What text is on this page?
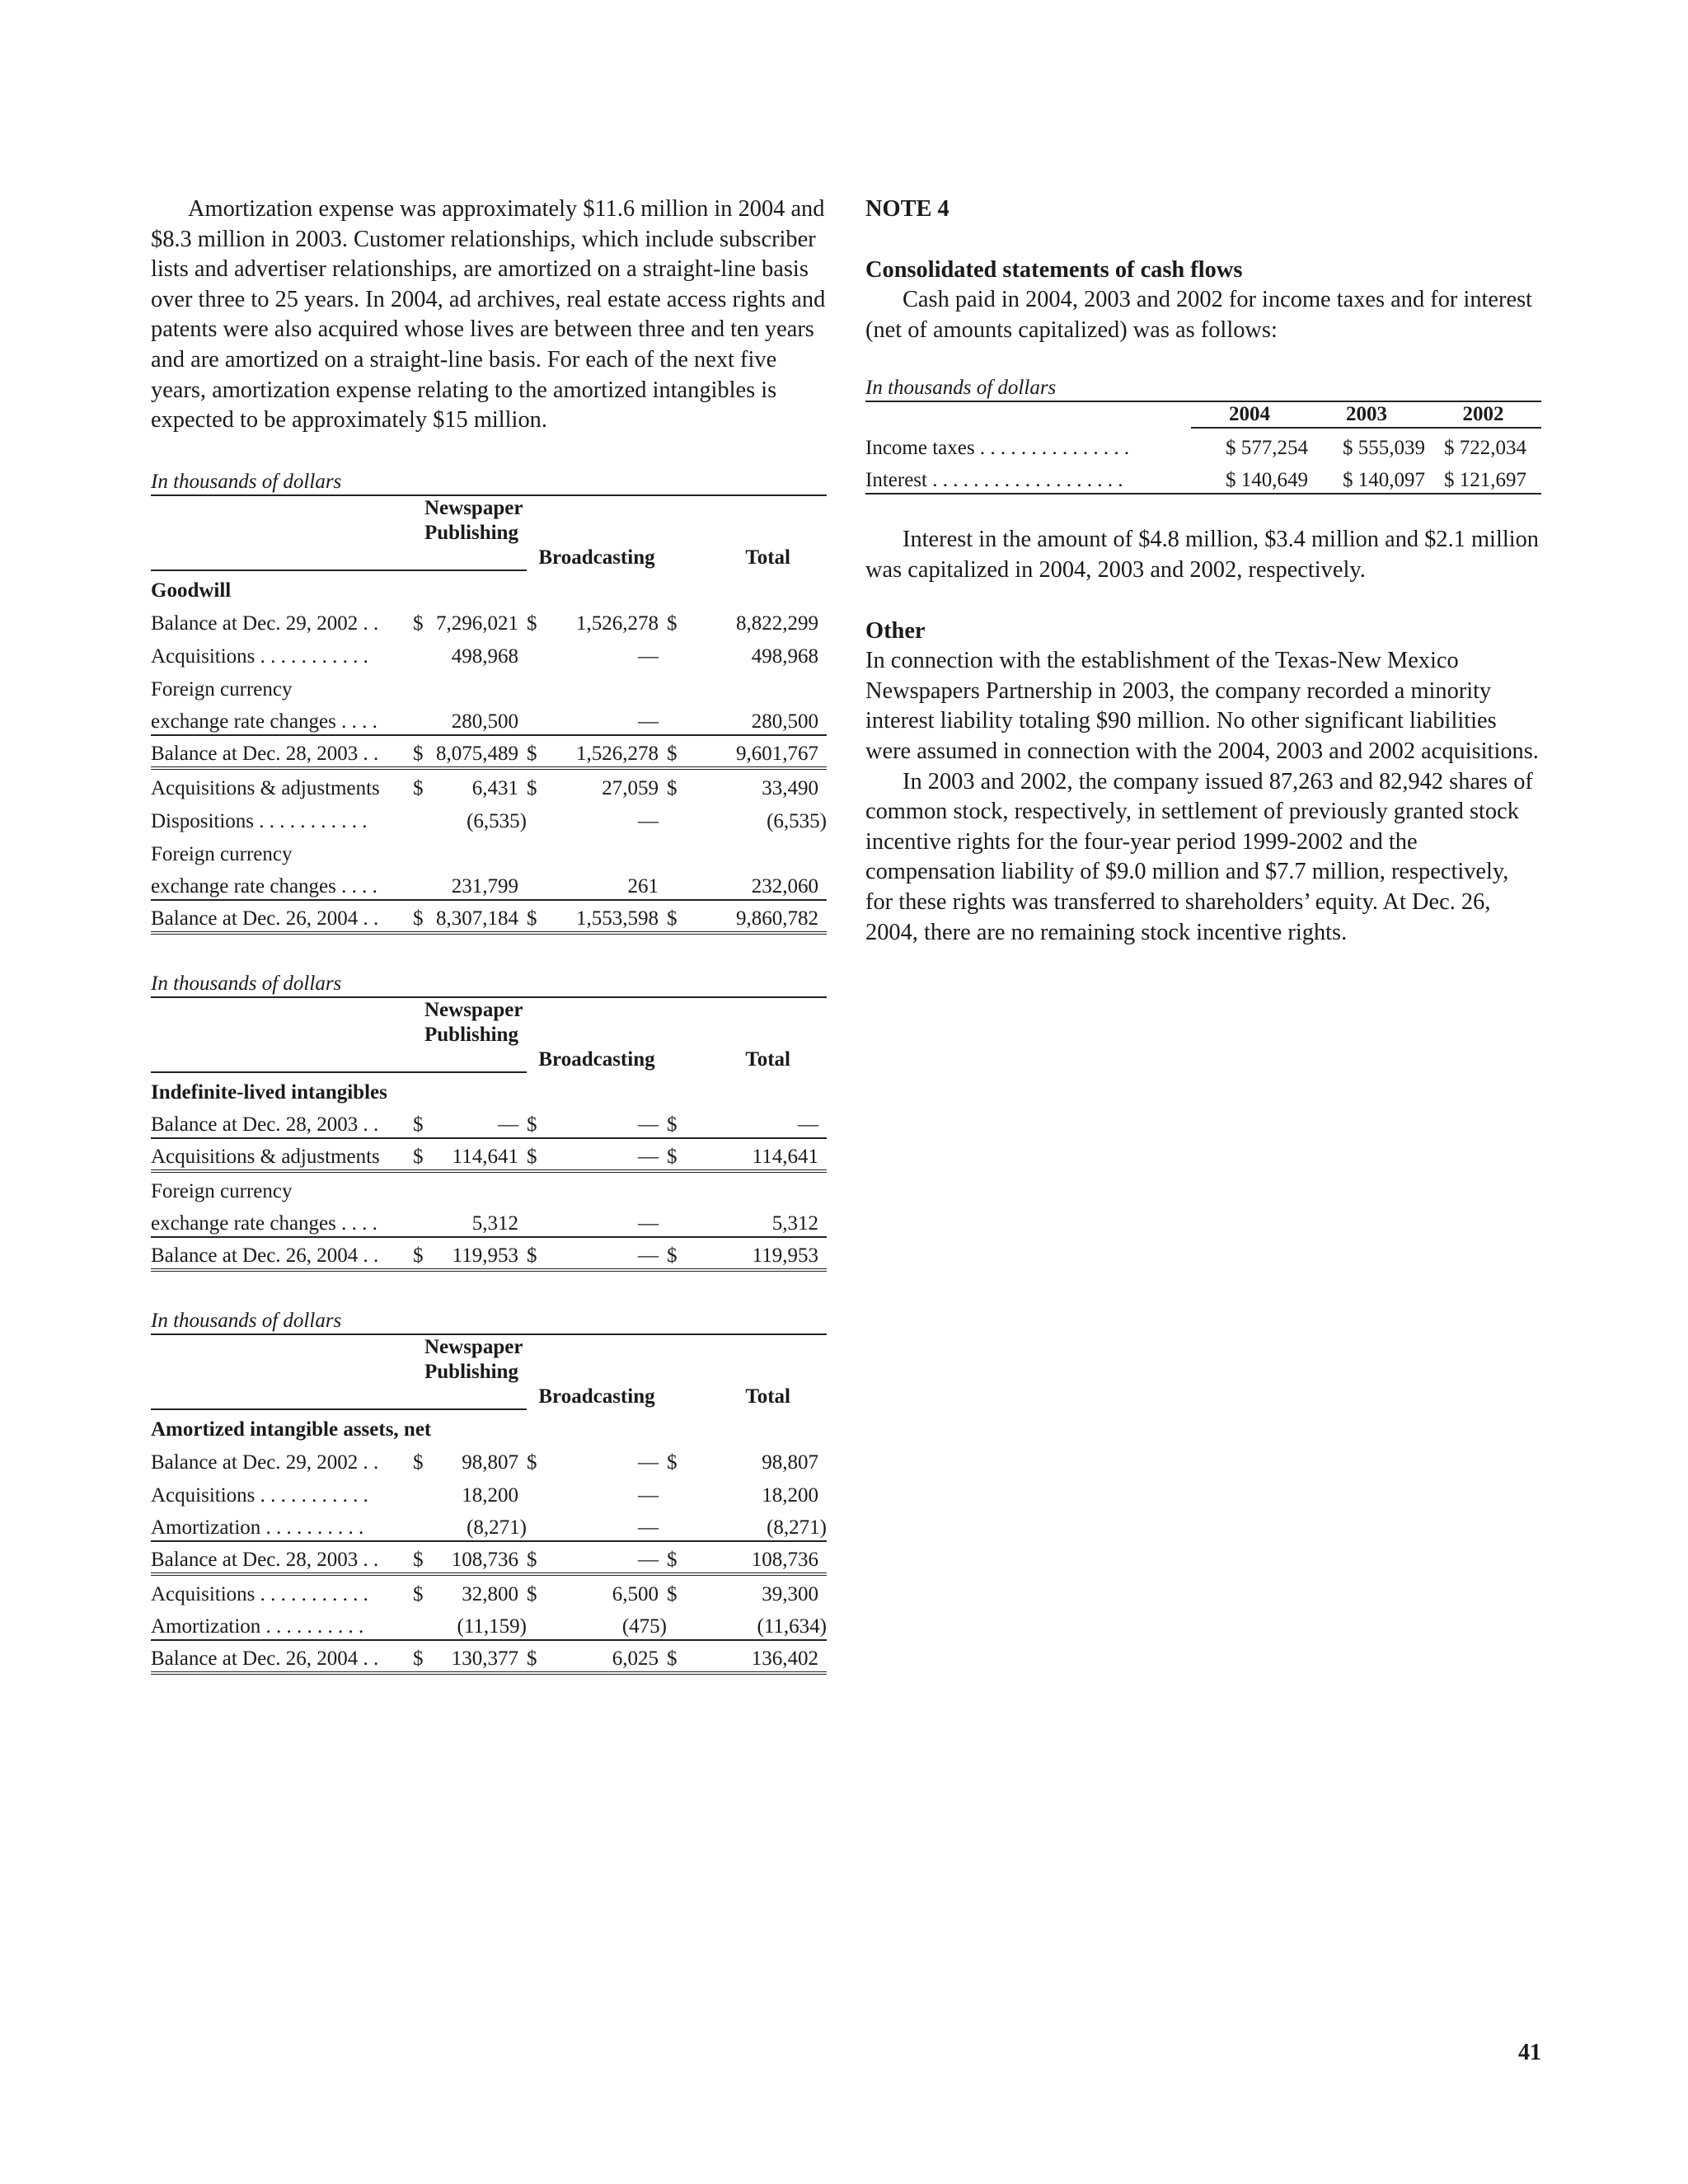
Amortization expense was approximately $11.6 million in 2004 and $8.3 million in 2003. Customer relationships, which include subscriber lists and advertiser relationships, are amortized on a straight-line basis over three to 25 years. In 2004, ad archives, real estate access rights and patents were also acquired whose lives are between three and ten years and are amortized on a straight-line basis. For each of the next five years, amortization expense relating to the amortized intangibles is expected to be approximately $15 million.

In thousands of dollars

	Newspaper Publishing					
			Broadcasting		Total	
Goodwill						
Balance at Dec. 29, 2002 . .	$	7,296,021	$	1,526,278	$	8,822,299
Acquisitions . . . . . . . . . . .		498,968		—		498,968
Foreign currency						
exchange rate changes . . . .		280,500		—		280,500
Balance at Dec. 28, 2003 . .	$	8,075,489	$	1,526,278	$	9,601,767
Acquisitions & adjustments	$	6,431	$	27,059	$	33,490
Dispositions . . . . . . . . . . .		(6,535)		—		(6,535)
Foreign currency						
exchange rate changes . . . .		231,799		261		232,060
Balance at Dec. 26, 2004 . .	$	8,307,184	$	1,553,598	$	9,860,782

In thousands of dollars

	Newspaper Publishing					
			Broadcasting		Total	
Indefinite-lived intangibles						
Balance at Dec. 28, 2003 . .	$	—	$	—	$	—
Acquisitions & adjustments	$	114,641	$	—	$	114,641
Foreign currency						
exchange rate changes . . . .		5,312		—		5,312
Balance at Dec. 26, 2004 . .	$	119,953	$	—	$	119,953

In thousands of dollars

	Newspaper Publishing					
			Broadcasting		Total	
Amortized intangible assets, net						
Balance at Dec. 29, 2002 . .	$	98,807	$	—	$	98,807
Acquisitions . . . . . . . . . . .		18,200		—		18,200
Amortization . . . . . . . . . .		(8,271)		—		(8,271)
Balance at Dec. 28, 2003 . .	$	108,736	$	—	$	108,736
Acquisitions . . . . . . . . . . .	$	32,800	$	6,500	$	39,300
Amortization . . . . . . . . . .		(11,159)		(475)		(11,634)
Balance at Dec. 26, 2004 . .	$	130,377	$	6,025	$	136,402
NOTE 4
Consolidated statements of cash flows

Cash paid in 2004, 2003 and 2002 for income taxes and for interest (net of amounts capitalized) was as follows:

In thousands of dollars

	2004	2003	2002
Income taxes . . . . . . . . . . . . . . .	$ 577,254	$ 555,039	$ 722,034
Interest . . . . . . . . . . . . . . . . . . .	$ 140,649	$ 140,097	$ 121,697

Interest in the amount of $4.8 million, $3.4 million and $2.1 million was capitalized in 2004, 2003 and 2002, respectively.

Other

In connection with the establishment of the Texas-New Mexico Newspapers Partnership in 2003, the company recorded a minority interest liability totaling $90 million. No other significant liabilities were assumed in connection with the 2004, 2003 and 2002 acquisitions.

In 2003 and 2002, the company issued 87,263 and 82,942 shares of common stock, respectively, in settlement of previously granted stock incentive rights for the four-year period 1999-2002 and the compensation liability of $9.0 million and $7.7 million, respectively, for these rights was transferred to shareholders’ equity. At Dec. 26, 2004, there are no remaining stock incentive rights.

41
